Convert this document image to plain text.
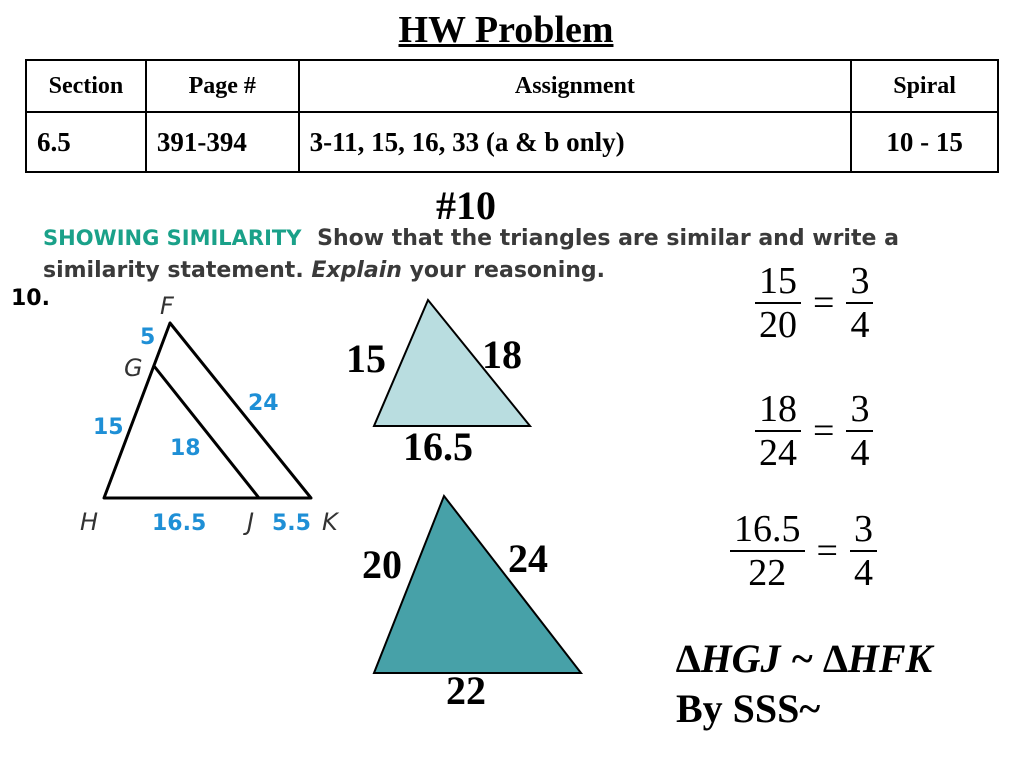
HW Problem
Section	Page #	Assignment	Spiral
6.5	391-394	3-11, 15, 16, 33 (a & b only)	10 - 15
#10
SHOWING SIMILARITY Show that the triangles are similar and write a similarity statement. Explain your reasoning.
10.	F
G
H	J	K
5
15
24
18
16.5	5.5
15 18
16.5
20	24
22
$\frac{15}{20} = \frac{3}{4}$
$\frac{18}{24} = \frac{3}{4}$
$\frac{16.5}{22} = \frac{3}{4}$
∆HGJ ~ ∆HFK
By SSS~
